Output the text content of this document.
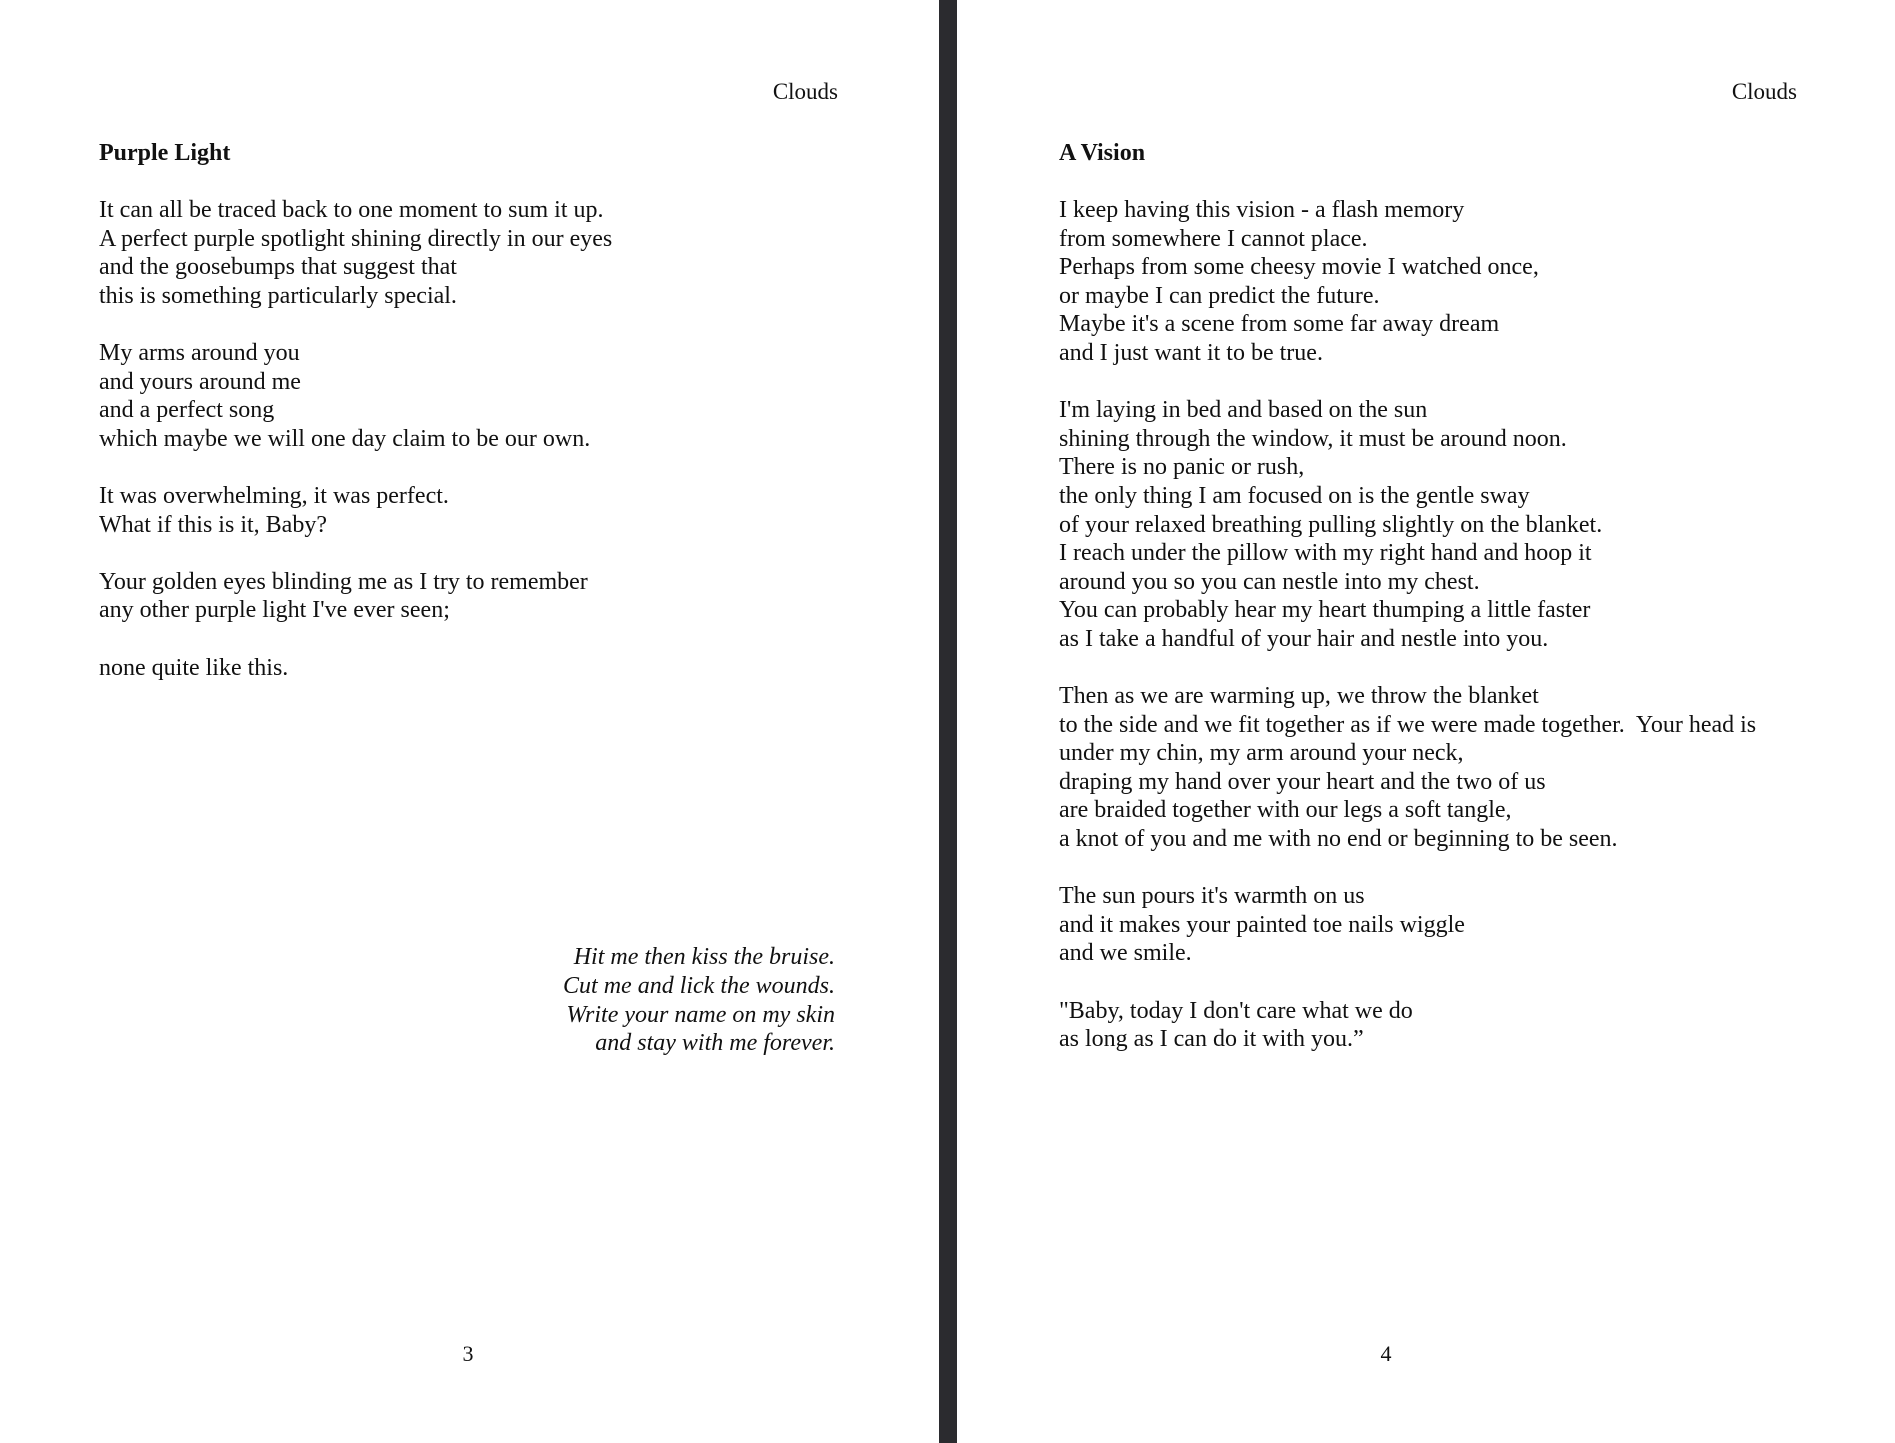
Clouds
Purple Light

It can all be traced back to one moment to sum it up.
A perfect purple spotlight shining directly in our eyes
and the goosebumps that suggest that
this is something particularly special.

My arms around you
and yours around me
and a perfect song
which maybe we will one day claim to be our own.

It was overwhelming, it was perfect.
What if this is it, Baby?

Your golden eyes blinding me as I try to remember
any other purple light I've ever seen;

none quite like this.

Hit me then kiss the bruise.
Cut me and lick the wounds.
Write your name on my skin
and stay with me forever.
3
Clouds
A Vision

I keep having this vision - a flash memory
from somewhere I cannot place.
Perhaps from some cheesy movie I watched once,
or maybe I can predict the future.
Maybe it's a scene from some far away dream
and I just want it to be true.

I'm laying in bed and based on the sun
shining through the window, it must be around noon.
There is no panic or rush,
the only thing I am focused on is the gentle sway
of your relaxed breathing pulling slightly on the blanket.
I reach under the pillow with my right hand and hoop it
around you so you can nestle into my chest.
You can probably hear my heart thumping a little faster
as I take a handful of your hair and nestle into you.

Then as we are warming up, we throw the blanket
to the side and we fit together as if we were made together.  Your head is
under my chin, my arm around your neck,
draping my hand over your heart and the two of us
are braided together with our legs a soft tangle,
a knot of you and me with no end or beginning to be seen.

The sun pours it's warmth on us
and it makes your painted toe nails wiggle
and we smile.

"Baby, today I don't care what we do
as long as I can do it with you.”

4
